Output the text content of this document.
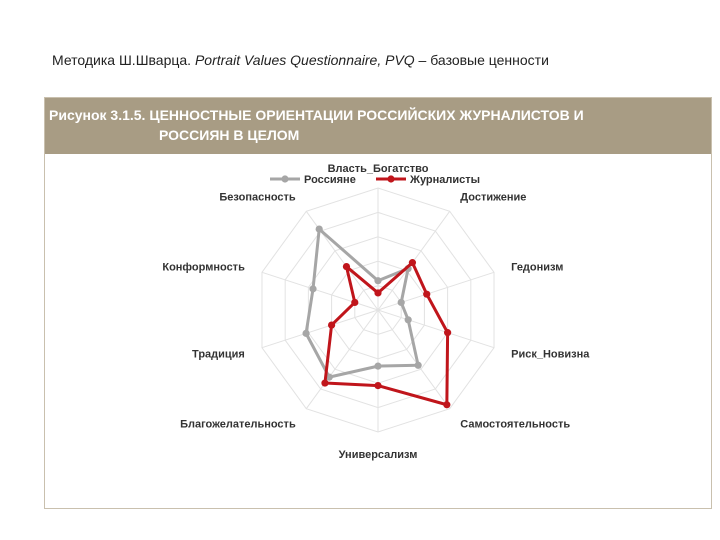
Методика Ш.Шварца. Portrait Values Questionnaire, PVQ – базовые ценности
Рисунок 3.1.5. ЦЕННОСТНЫЕ ОРИЕНТАЦИИ РОССИЙСКИХ ЖУРНАЛИСТОВ И
РОССИЯН В ЦЕЛОМ
Власть_Богатство
Достижение
Гедонизм
Риск_Новизна
Самостоятельность
Универсализм
Благожелательность
Традиция
Конформность
Безопасность
Россияне	Журналисты
